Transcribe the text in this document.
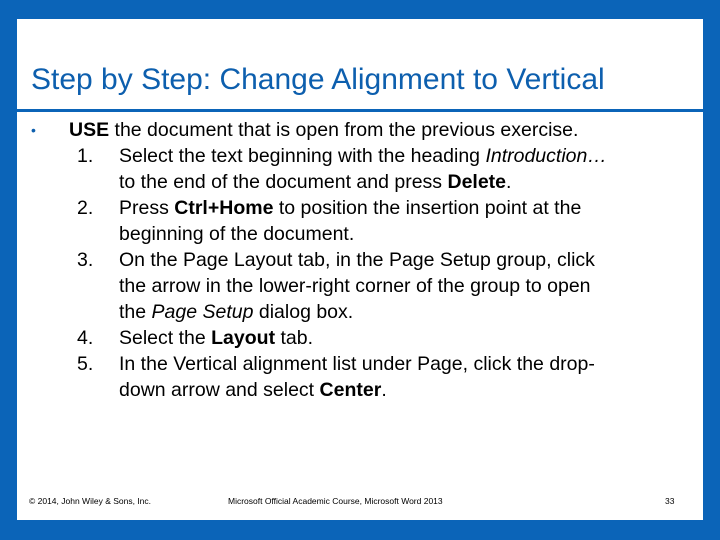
Step by Step: Change Alignment to Vertical
• USE the document that is open from the previous exercise.
1. Select the text beginning with the heading Introduction…
to the end of the document and press Delete.
2. Press Ctrl+Home to position the insertion point at the
beginning of the document.
3. On the Page Layout tab, in the Page Setup group, click
the arrow in the lower-right corner of the group to open
the Page Setup dialog box.
4. Select the Layout tab.
5. In the Vertical alignment list under Page, click the drop-
down arrow and select Center.
© 2014, John Wiley & Sons, Inc.	Microsoft Official Academic Course, Microsoft Word 2013	33
